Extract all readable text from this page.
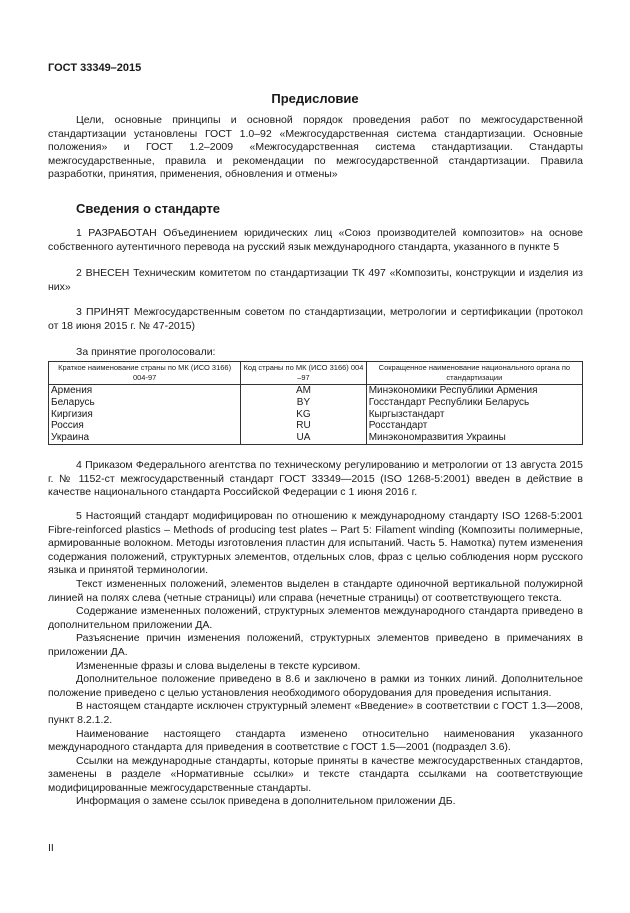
ГОСТ 33349–2015
Предисловие

Цели, основные принципы и основной порядок проведения работ по межгосударственной стандартизации установлены ГОСТ 1.0–92 «Межгосударственная система стандартизации. Основные положения» и ГОСТ 1.2–2009 «Межгосударственная система стандартизации. Стандарты межгосударственные, правила и рекомендации по межгосударственной стандартизации. Правила разработки, принятия, применения, обновления и отмены»

Сведения о стандарте

1 РАЗРАБОТАН Объединением юридических лиц «Союз производителей композитов» на основе собственного аутентичного перевода на русский язык международного стандарта, указанного в пункте 5

2 ВНЕСЕН Техническим комитетом по стандартизации ТК 497 «Композиты, конструкции и изделия из них»

3 ПРИНЯТ Межгосударственным советом по стандартизации, метрологии и сертификации (протокол от 18 июня 2015 г. № 47-2015)

За принятие проголосовали:
Краткое наименование страны по МК (ИСО 3166) 004-97	Код страны по МК (ИСО 3166) 004 –97	Сокращенное наименование национального органа по стандартизации
Армения	AM	Минэкономики Республики Армения
Беларусь	BY	Госстандарт Республики Беларусь
Киргизия	KG	Кыргызстандарт
Россия	RU	Росстандарт
Украина	UA	Минэкономразвития Украины

4 Приказом Федерального агентства по техническому регулированию и метрологии от 13 августа 2015 г. № 1152-ст межгосударственный стандарт ГОСТ 33349—2015 (ISO 1268-5:2001) введен в действие в качестве национального стандарта Российской Федерации с 1 июня 2016 г.

5 Настоящий стандарт модифицирован по отношению к международному стандарту ISO 1268-5:2001 Fibre-reinforced plastics – Methods of producing test plates – Part 5: Filament winding (Композиты полимерные, армированные волокном. Методы изготовления пластин для испытаний. Часть 5. Намотка) путем изменения содержания положений, структурных элементов, отдельных слов, фраз с целью соблюдения норм русского языка и принятой терминологии.

Текст измененных положений, элементов выделен в стандарте одиночной вертикальной полужирной линией на полях слева (четные страницы) или справа (нечетные страницы) от соответствующего текста.

Содержание измененных положений, структурных элементов международного стандарта приведено в дополнительном приложении ДА.

Разъяснение причин изменения положений, структурных элементов приведено в примечаниях в приложении ДА.

Измененные фразы и слова выделены в тексте курсивом.

Дополнительное положение приведено в 8.6 и заключено в рамки из тонких линий. Дополнительное положение приведено с целью установления необходимого оборудования для проведения испытания.

В настоящем стандарте исключен структурный элемент «Введение» в соответствии с ГОСТ 1.3—2008, пункт 8.2.1.2.

Наименование настоящего стандарта изменено относительно наименования указанного международного стандарта для приведения в соответствие с ГОСТ 1.5—2001 (подраздел 3.6).

Ссылки на международные стандарты, которые приняты в качестве межгосударственных стандартов, заменены в разделе «Нормативные ссылки» и тексте стандарта ссылками на соответствующие модифицированные межгосударственные стандарты.

Информация о замене ссылок приведена в дополнительном приложении ДБ.

II
